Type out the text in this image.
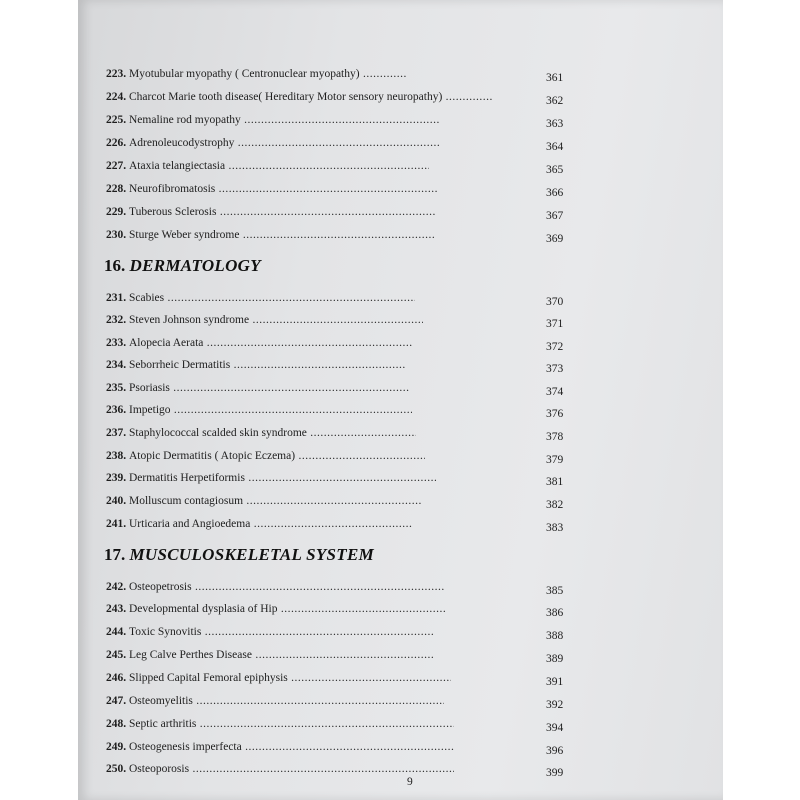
223. Myotubular myopathy ( Centronuclear myopathy) .....	361
224. Charcot Marie tooth disease( Hereditary Motor sensory neuropathy) .....	362
225. Nemaline rod myopathy .....	363
226. Adrenoleucodystrophy .....	364
227. Ataxia telangiectasia .....	365
228. Neurofibromatosis .....	366
229. Tuberous Sclerosis .....	367
230. Sturge Weber syndrome .....	369
16. DERMATOLOGY
231. Scabies .....	370
232. Steven Johnson syndrome .....	371
233. Alopecia Aerata .....	372
234. Seborrheic Dermatitis .....	373
235. Psoriasis .....	374
236. Impetigo .....	376
237. Staphylococcal scalded skin syndrome .....	378
238. Atopic Dermatitis ( Atopic Eczema) .....	379
239. Dermatitis Herpetiformis .....	381
240. Molluscum contagiosum .....	382
241. Urticaria and Angioedema .....	383
17. MUSCULOSKELETAL SYSTEM
242. Osteopetrosis .....	385
243. Developmental dysplasia of Hip .....	386
244. Toxic Synovitis .....	388
245. Leg Calve Perthes Disease .....	389
246. Slipped Capital Femoral epiphysis .....	391
247. Osteomyelitis .....	392
248. Septic arthritis .....	394
249. Osteogenesis imperfecta .....	396
250. Osteoporosis .....	399
9
